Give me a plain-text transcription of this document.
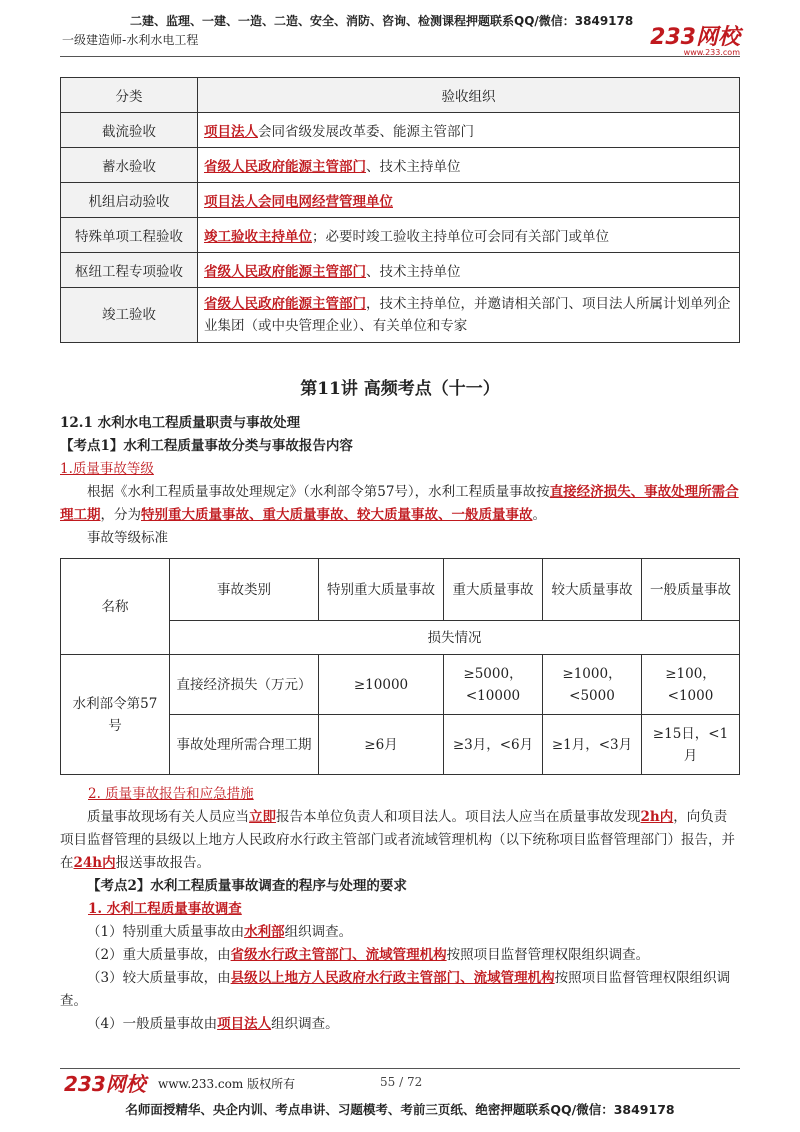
二建、监理、一建、一造、二造、安全、消防、咨询、检测课程押题联系QQ/微信：3849178
一级建造师-水利水电工程	233网校
www.233.com
分类	验收组织
截流验收	项目法人会同省级发展改革委、能源主管部门
蓄水验收	省级人民政府能源主管部门、技术主持单位
机组启动验收	项目法人会同电网经营管理单位
特殊单项工程验收	竣工验收主持单位；必要时竣工验收主持单位可会同有关部门或单位
枢纽工程专项验收	省级人民政府能源主管部门、技术主持单位
竣工验收	省级人民政府能源主管部门，技术主持单位，并邀请相关部门、项目法人所属计划单列企业集团（或中央管理企业）、有关单位和专家
第11讲 高频考点（十一）
12.1 水利水电工程质量职责与事故处理
【考点1】水利工程质量事故分类与事故报告内容
1.质量事故等级
根据《水利工程质量事故处理规定》（水利部令第57号），水利工程质量事故按直接经济损失、事故处理所需合理工期，分为特别重大质量事故、重大质量事故、较大质量事故、一般质量事故。
事故等级标准
名称	事故类别	特别重大质量事故	重大质量事故	较大质量事故	一般质量事故
	损失情况				
水利部令第57号	直接经济损失（万元）	≥10000	≥5000，<10000	≥1000，<5000	≥100，<1000
	事故处理所需合理工期	≥6月	≥3月，<6月	≥1月，<3月	≥15日，<1月
2. 质量事故报告和应急措施
质量事故现场有关人员应当立即报告本单位负责人和项目法人。项目法人应当在质量事故发现2h内，向负责项目监督管理的县级以上地方人民政府水行政主管部门或者流域管理机构（以下统称项目监督管理部门）报告，并在24h内报送事故报告。
【考点2】水利工程质量事故调查的程序与处理的要求
1. 水利工程质量事故调查
（1）特别重大质量事故由水利部组织调查。
（2）重大质量事故，由省级水行政主管部门、流域管理机构按照项目监督管理权限组织调查。
（3）较大质量事故，由县级以上地方人民政府水行政主管部门、流域管理机构按照项目监督管理权限组织调查。
（4）一般质量事故由项目法人组织调查。
233网校 www.233.com 版权所有	55 / 72
名师面授精华、央企内训、考点串讲、习题模考、考前三页纸、绝密押题联系QQ/微信：3849178
